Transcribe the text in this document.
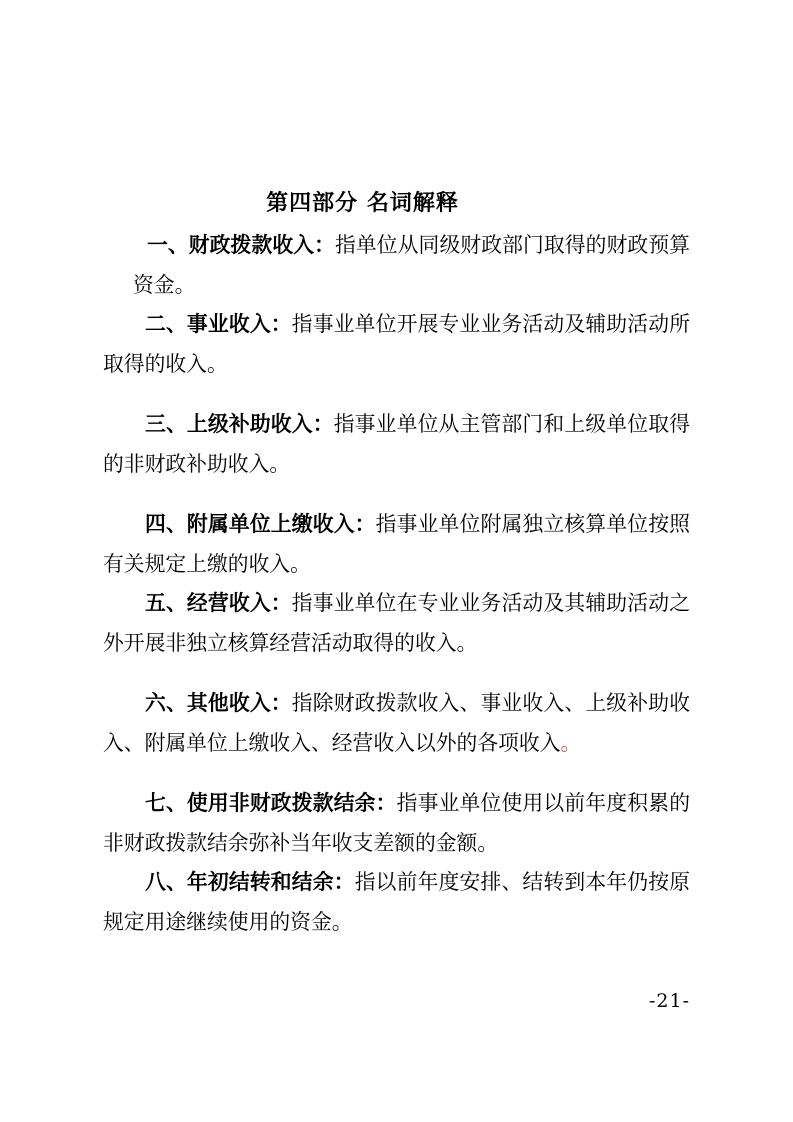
第四部分 名词解释

一、财政拨款收入：指单位从同级财政部门取得的财政预算资金。

二、事业收入：指事业单位开展专业业务活动及辅助活动所取得的收入。

三、上级补助收入：指事业单位从主管部门和上级单位取得的非财政补助收入。

四、附属单位上缴收入：指事业单位附属独立核算单位按照有关规定上缴的收入。

五、经营收入：指事业单位在专业业务活动及其辅助活动之外开展非独立核算经营活动取得的收入。

六、其他收入：指除财政拨款收入、事业收入、上级补助收入、附属单位上缴收入、经营收入以外的各项收入。

七、使用非财政拨款结余：指事业单位使用以前年度积累的非财政拨款结余弥补当年收支差额的金额。

八、年初结转和结余：指以前年度安排、结转到本年仍按原规定用途继续使用的资金。

-21-
